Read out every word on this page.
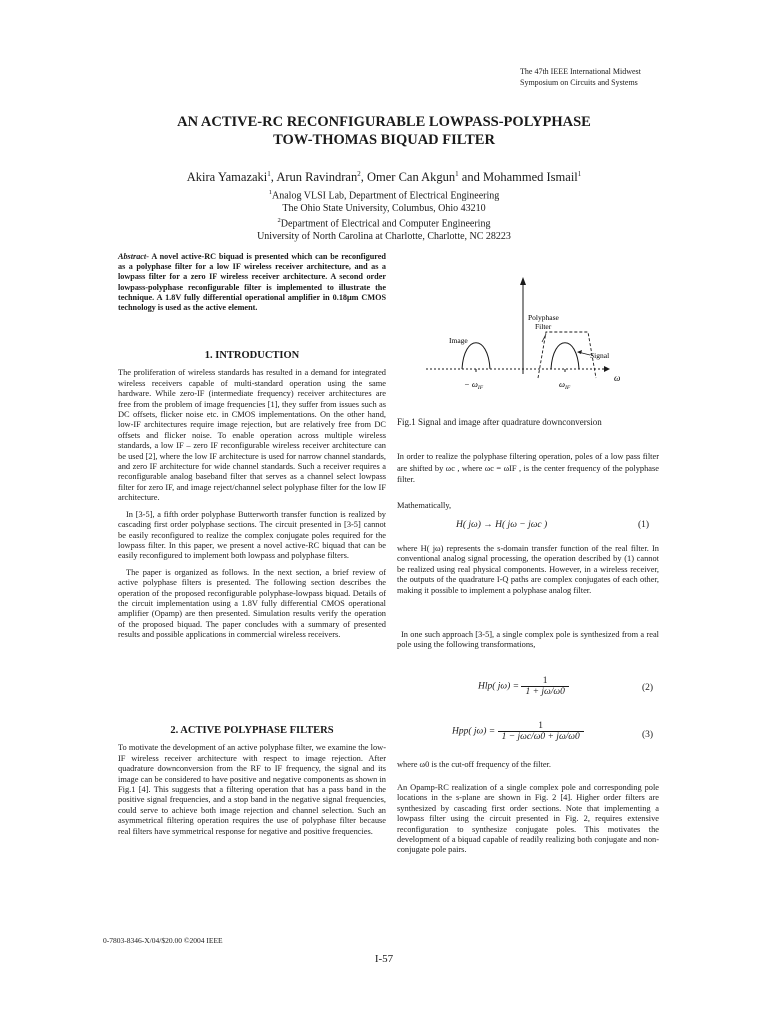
The 47th IEEE International Midwest
Symposium on Circuits and Systems
AN ACTIVE-RC RECONFIGURABLE LOWPASS-POLYPHASE
TOW-THOMAS BIQUAD FILTER
Akira Yamazaki$^1$, Arun Ravindran$^2$, Omer Can Akgun$^1$ and Mohammed Ismail$^1$
$^1$Analog VLSI Lab, Department of Electrical Engineering
The Ohio State University, Columbus, Ohio 43210
$^2$Department of Electrical and Computer Engineering
University of North Carolina at Charlotte, Charlotte, NC 28223

Abstract- A novel active-RC biquad is presented which can be reconfigured as a polyphase filter for a low IF wireless receiver architecture, and as a lowpass filter for a zero IF wireless receiver architecture. A second order lowpass-polyphase reconfigurable filter is implemented to illustrate the technique. A 1.8V fully differential operational amplifier in 0.18μm CMOS technology is used as the active element.

1. INTRODUCTION

The proliferation of wireless standards has resulted in a demand for integrated wireless receivers capable of multi-standard operation using the same hardware. While zero-IF (intermediate frequency) receiver architectures are free from the problem of image frequencies [1], they suffer from issues such as DC offsets, flicker noise etc. in CMOS implementations. On the other hand, low-IF architectures require image rejection, but are relatively free from DC offsets and flicker noise. To enable operation across multiple wireless standards, a low IF – zero IF reconfigurable wireless receiver architecture can be used [2], where the low IF architecture is used for narrow channel standards, and zero IF architecture for wide channel standards. Such a receiver requires a reconfigurable analog baseband filter that serves as a channel select lowpass filter for zero IF, and image reject/channel select polyphase filter for the low IF architecture.

In [3-5], a fifth order polyphase Butterworth transfer function is realized by cascading first order polyphase sections. The circuit presented in [3-5] cannot be easily reconfigured to realize the complex conjugate poles required for the lowpass filter. In this paper, we present a novel active-RC biquad that can be easily reconfigured to implement both lowpass and polyphase filters.

The paper is organized as follows. In the next section, a brief review of active polyphase filters is presented. The following section describes the operation of the proposed reconfigurable polyphase-lowpass biquad. Details of the circuit implementation using a 1.8V fully differential CMOS operational amplifier (Opamp) are then presented. Simulation results verify the operation of the proposed biquad. The paper concludes with a summary of presented results and possible applications in commercial wireless receivers.

2. ACTIVE POLYPHASE FILTERS

To motivate the development of an active polyphase filter, we examine the low-IF wireless receiver architecture with respect to image rejection. After quadrature downconversion from the RF to IF frequency, the signal and its image can be considered to have positive and negative components as shown in Fig.1 [4]. This suggests that a filtering operation that has a pass band in the positive signal frequencies, and a stop band in the negative signal frequencies, could serve to achieve both image rejection and channel selection. Such an asymmetrical filtering operation requires the use of polyphase filter because real filters have symmetrical response for negative and positive frequencies.

Polyphase
Filter
Image
Signal
ω
− $\omega_{IF}$	$\omega_{IF}$
Fig.1 Signal and image after quadrature downconversion
In order to realize the polyphase filtering operation, poles of a low pass filter are shifted by ωc , where ωc = ωIF , is the center frequency of the polyphase filter.
Mathematically,
H( jω) → H( jω − jωc )	(1)
where H( jω) represents the s-domain transfer function of the real filter. In conventional analog signal processing, the operation described by (1) cannot be realized using real physical components. However, in a wireless receiver, the outputs of the quadrature I-Q paths are complex conjugates of each other, making it possible to implement a polyphase analog filter.
In one such approach [3-5], a single complex pole is synthesized from a real pole using the following transformations,
Hlp( $j\omega) = \frac{1}{1 + j\omega/\omega 0}$	(2)
Hpp( $j\omega) = \frac{1}{\text{1 − jωc/ω0 + jω/ω0}}$	(3)
where ω0 is the cut-off frequency of the filter.
An Opamp-RC realization of a single complex pole and corresponding pole locations in the s-plane are shown in Fig. 2 [4]. Higher order filters are synthesized by cascading first order sections. Note that implementing a lowpass filter using the circuit presented in Fig. 2, requires extensive reconfiguration to synthesize conjugate poles. This motivates the development of a biquad capable of readily realizing both conjugate and non-conjugate pole pairs.
0-7803-8346-X/04/$20.00 ©2004 IEEE
I-57
